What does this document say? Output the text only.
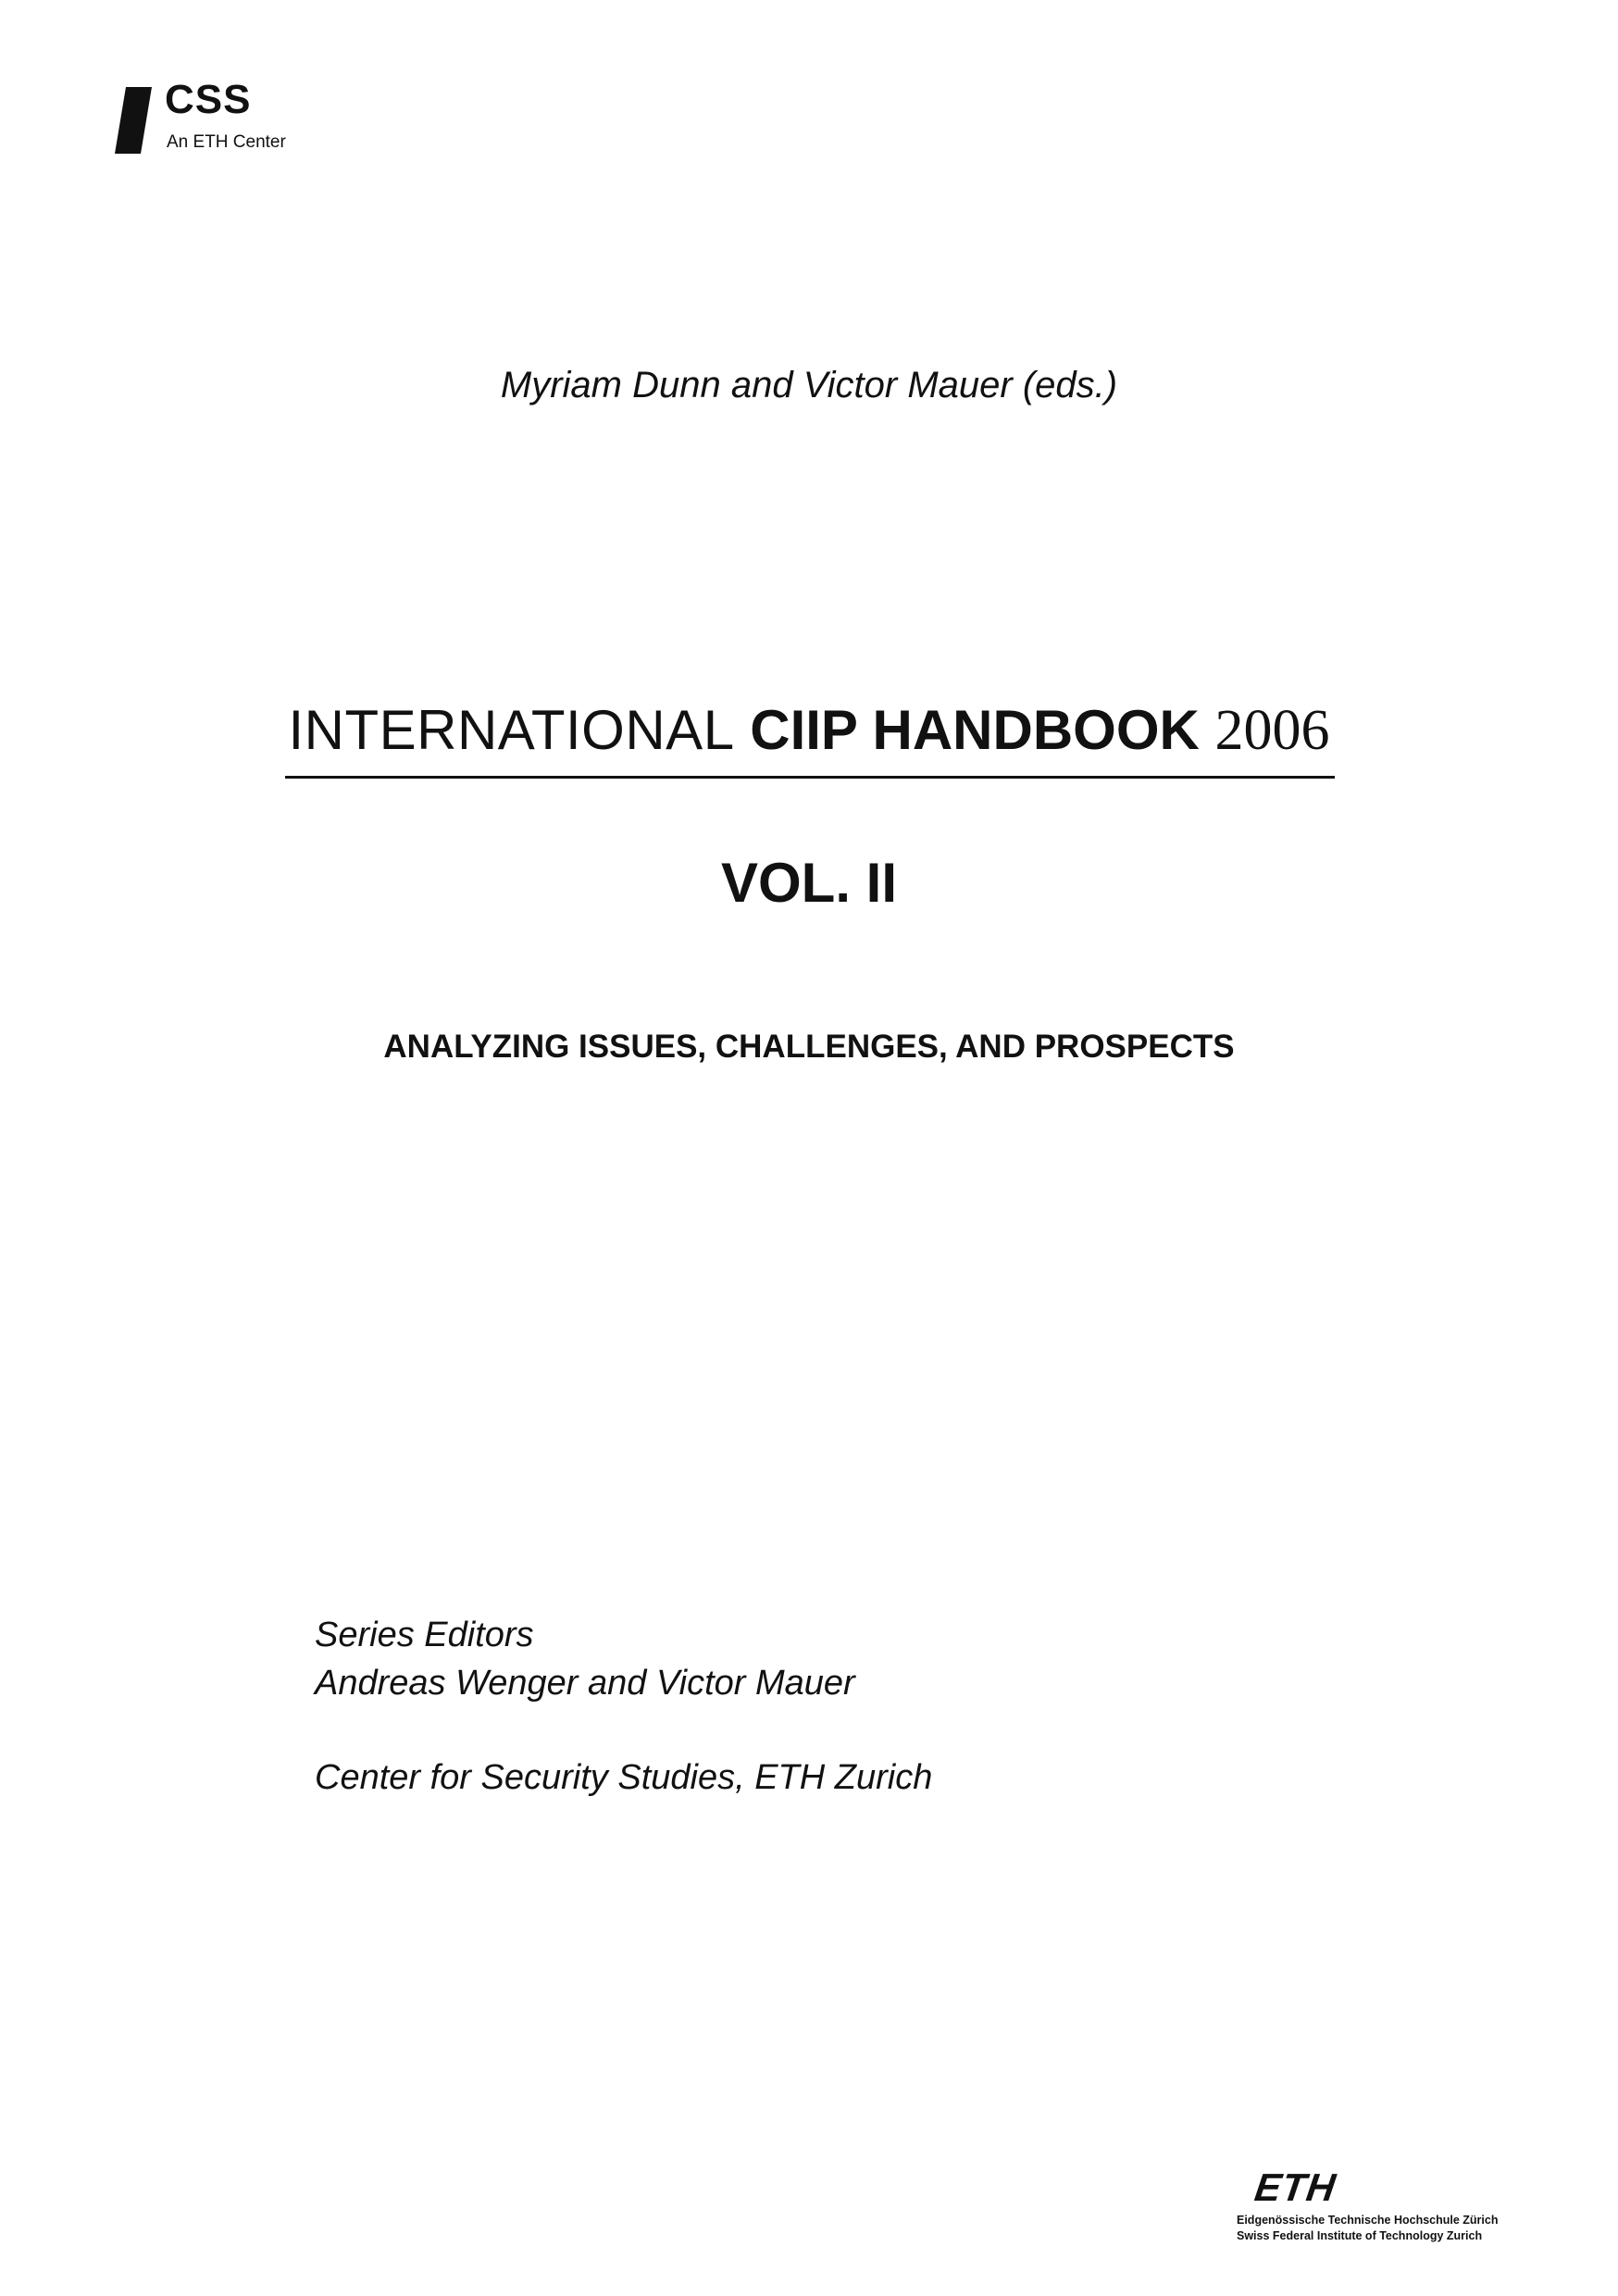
CSS
An ETH Center
Myriam Dunn and Victor Mauer (eds.)
INTERNATIONAL CIIP HANDBOOK 2006
VOL. II
ANALYZING ISSUES, CHALLENGES, AND PROSPECTS
Series Editors
Andreas Wenger and Victor Mauer
Center for Security Studies, ETH Zurich
ETH
Eidgenössische Technische Hochschule Zürich
Swiss Federal Institute of Technology Zurich
